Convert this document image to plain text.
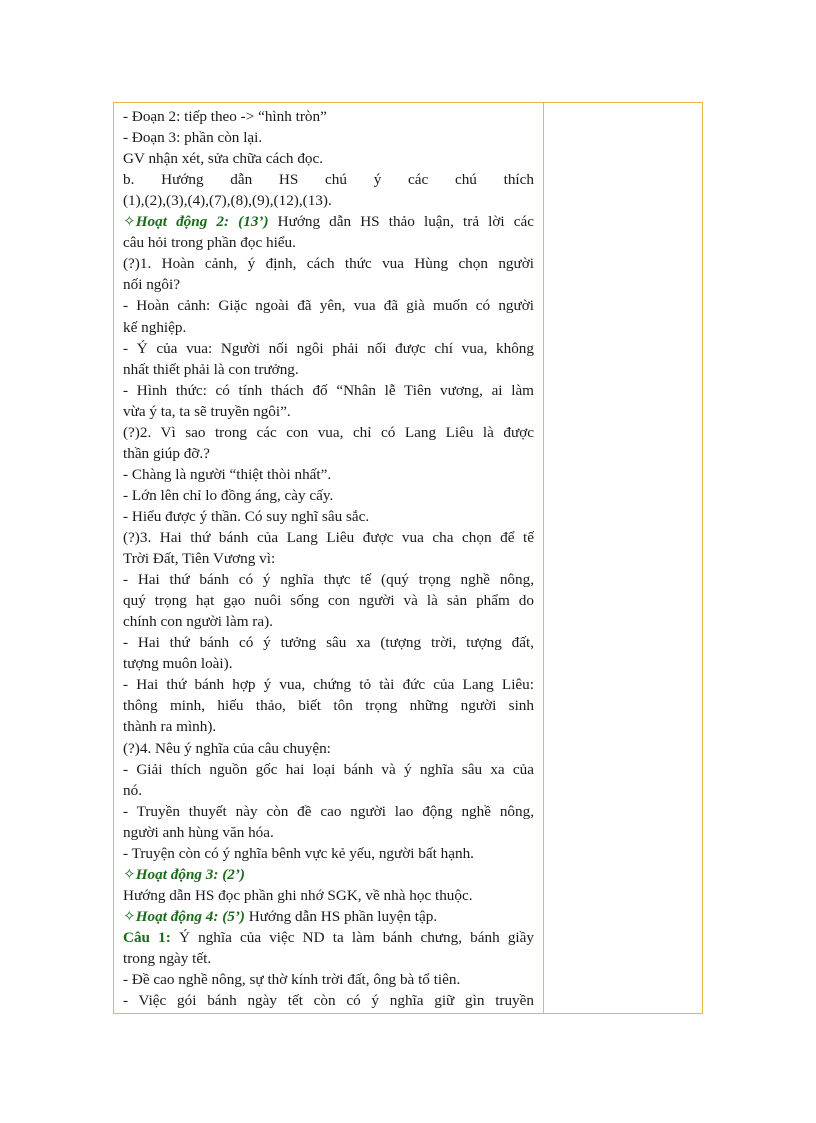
- Đoạn 2: tiếp theo -> “hình tròn”
- Đoạn 3: phần còn lại.
GV nhận xét, sửa chữa cách đọc.
b. Hướng dẫn HS chú ý các chú thích
(1),(2),(3),(4),(7),(8),(9),(12),(13).
✧Hoạt động 2: (13’) Hướng dẫn HS thảo luận, trả lời các
câu hỏi trong phần đọc hiểu.
(?)1. Hoàn cảnh, ý định, cách thức vua Hùng chọn người
nối ngôi?
- Hoàn cảnh: Giặc ngoài đã yên, vua đã già muốn có người
kế nghiệp.
- Ý của vua: Người nối ngôi phải nối được chí vua, không
nhất thiết phải là con trưởng.
- Hình thức: có tính thách đố “Nhân lễ Tiên vương, ai làm
vừa ý ta, ta sẽ truyền ngôi”.
(?)2. Vì sao trong các con vua, chỉ có Lang Liêu là được
thần giúp đỡ.?
- Chàng là người “thiệt thòi nhất”.
- Lớn lên chỉ lo đồng áng, cày cấy.
- Hiểu được ý thần. Có suy nghĩ sâu sắc.
(?)3. Hai thứ bánh của Lang Liêu được vua cha chọn để tế
Trời Đất, Tiên Vương vì:
- Hai thứ bánh có ý nghĩa thực tế (quý trọng nghề nông,
quý trọng hạt gạo nuôi sống con người và là sản phẩm do
chính con người làm ra).
- Hai thứ bánh có ý tưởng sâu xa (tượng trời, tượng đất,
tượng muôn loài).
- Hai thứ bánh hợp ý vua, chứng tỏ tài đức của Lang Liêu:
thông minh, hiếu thảo, biết tôn trọng những người sinh
thành ra mình).
(?)4. Nêu ý nghĩa của câu chuyện:
- Giải thích nguồn gốc hai loại bánh và ý nghĩa sâu xa của
nó.
- Truyền thuyết này còn đề cao người lao động nghề nông,
người anh hùng văn hóa.
- Truyện còn có ý nghĩa bênh vực kẻ yếu, người bất hạnh.
✧Hoạt động 3: (2’)
Hướng dẫn HS đọc phần ghi nhớ SGK, về nhà học thuộc.
✧Hoạt động 4: (5’) Hướng dẫn HS phần luyện tập.
Câu 1: Ý nghĩa của việc ND ta làm bánh chưng, bánh giầy
trong ngày tết.
- Đề cao nghề nông, sự thờ kính trời đất, ông bà tổ tiên.
- Việc gói bánh ngày tết còn có ý nghĩa giữ gìn truyền
